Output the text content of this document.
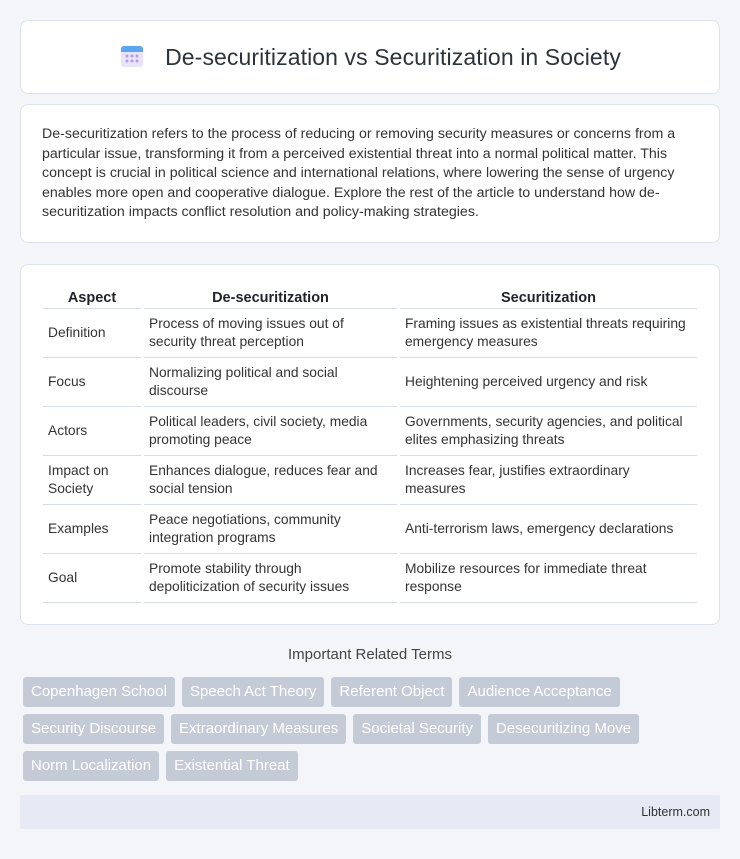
De-securitization vs Securitization in Society

De-securitization refers to the process of reducing or removing security measures or concerns from a particular issue, transforming it from a perceived existential threat into a normal political matter. This concept is crucial in political science and international relations, where lowering the sense of urgency enables more open and cooperative dialogue. Explore the rest of the article to understand how de-securitization impacts conflict resolution and policy-making strategies.

Aspect	De-securitization	Securitization
Definition	Process of moving issues out of security threat perception	Framing issues as existential threats requiring emergency measures
Focus	Normalizing political and social discourse	Heightening perceived urgency and risk
Actors	Political leaders, civil society, media promoting peace	Governments, security agencies, and political elites emphasizing threats
Impact on Society	Enhances dialogue, reduces fear and social tension	Increases fear, justifies extraordinary measures
Examples	Peace negotiations, community integration programs	Anti-terrorism laws, emergency declarations
Goal	Promote stability through depoliticization of security issues	Mobilize resources for immediate threat response
Important Related Terms
Copenhagen School	Speech Act Theory	Referent Object	Audience Acceptance
Security Discourse	Extraordinary Measures	Societal Security	Desecuritizing Move
Norm Localization	Existential Threat
Libterm.com
